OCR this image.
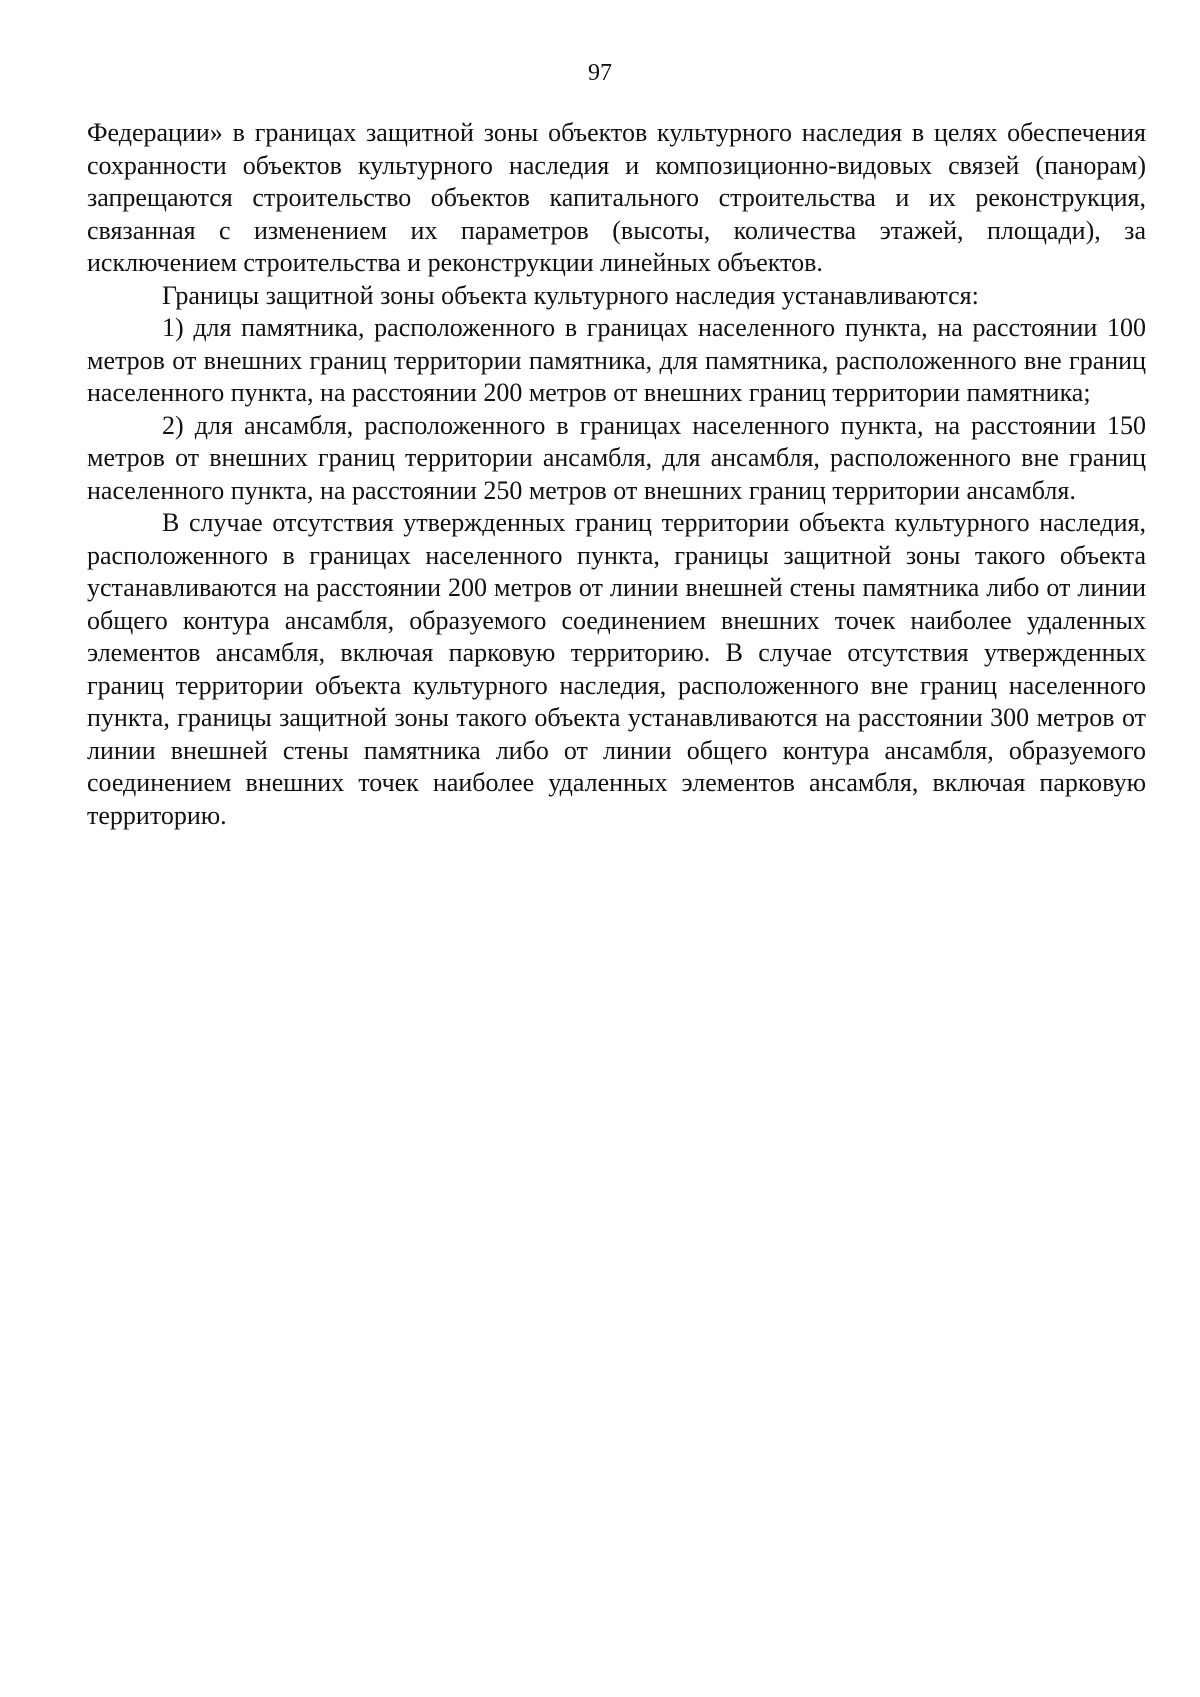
97

Федерации» в границах защитной зоны объектов культурного наследия в целях обеспечения сохранности объектов культурного наследия и композиционно-видовых связей (панорам) запрещаются строительство объектов капитального строительства и их реконструкция, связанная с изменением их параметров (высоты, количества этажей, площади), за исключением строительства и реконструкции линейных объектов.

Границы защитной зоны объекта культурного наследия устанавливаются:

1) для памятника, расположенного в границах населенного пункта, на расстоянии 100 метров от внешних границ территории памятника, для памятника, расположенного вне границ населенного пункта, на расстоянии 200 метров от внешних границ территории памятника;

2) для ансамбля, расположенного в границах населенного пункта, на расстоянии 150 метров от внешних границ территории ансамбля, для ансамбля, расположенного вне границ населенного пункта, на расстоянии 250 метров от внешних границ территории ансамбля.

В случае отсутствия утвержденных границ территории объекта культурного наследия, расположенного в границах населенного пункта, границы защитной зоны такого объекта устанавливаются на расстоянии 200 метров от линии внешней стены памятника либо от линии общего контура ансамбля, образуемого соединением внешних точек наиболее удаленных элементов ансамбля, включая парковую территорию. В случае отсутствия утвержденных границ территории объекта культурного наследия, расположенного вне границ населенного пункта, границы защитной зоны такого объекта устанавливаются на расстоянии 300 метров от линии внешней стены памятника либо от линии общего контура ансамбля, образуемого соединением внешних точек наиболее удаленных элементов ансамбля, включая парковую территорию.
